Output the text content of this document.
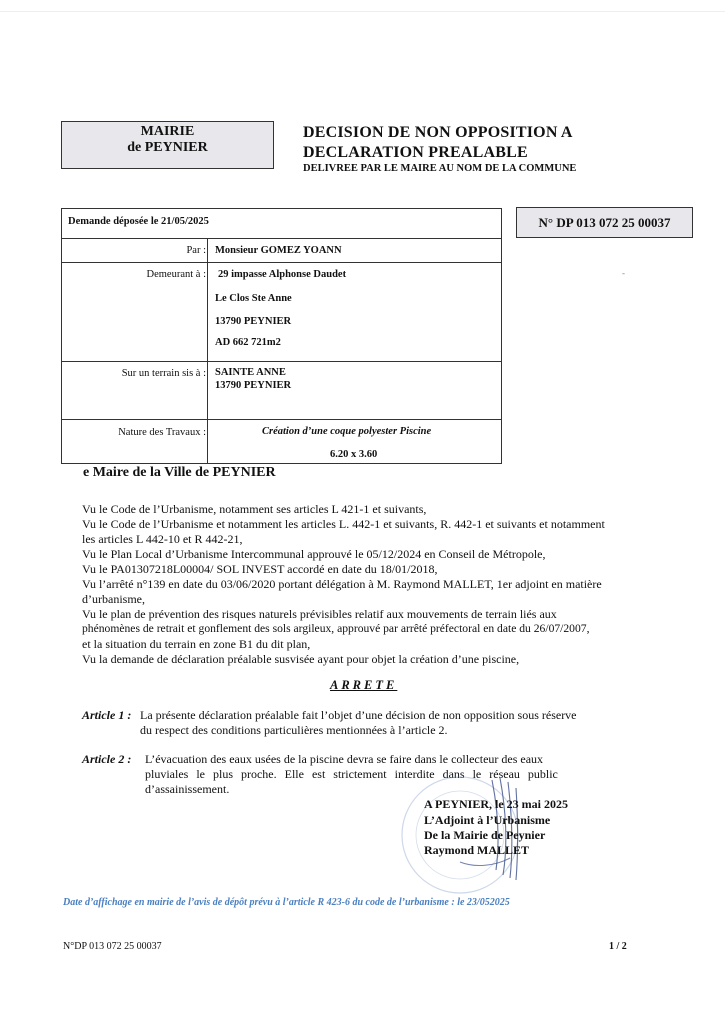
MAIRIE
de PEYNIER
DECISION DE NON OPPOSITION A
DECLARATION PREALABLE
DELIVREE PAR LE MAIRE AU NOM DE LA COMMUNE
Demande déposée le 21/05/2025
Par : Monsieur GOMEZ YOANN
Demeurant à : 29 impasse Alphonse Daudet
Le Clos Ste Anne
13790 PEYNIER
AD 662 721m2
Sur un terrain sis à : SAINTE ANNE
13790 PEYNIER
Nature des Travaux :	Création d’une coque polyester Piscine
6.20 x 3.60
N° DP 013 072 25 00037
-
e Maire de la Ville de PEYNIER
Vu le Code de l’Urbanisme, notamment ses articles L 421-1 et suivants,
Vu le Code de l’Urbanisme et notamment les articles L. 442-1 et suivants, R. 442-1 et suivants et notamment
les articles L 442-10 et R 442-21,
Vu le Plan Local d’Urbanisme Intercommunal approuvé le 05/12/2024 en Conseil de Métropole,
Vu le PA01307218L00004/ SOL INVEST accordé en date du 18/01/2018,
Vu l’arrêté n°139 en date du 03/06/2020 portant délégation à M. Raymond MALLET, 1er adjoint en matière
d’urbanisme,
Vu le plan de prévention des risques naturels prévisibles relatif aux mouvements de terrain liés aux
phénomènes de retrait et gonflement des sols argileux, approuvé par arrêté préfectoral en date du 26/07/2007,
et la situation du terrain en zone B1 du dit plan,
Vu la demande de déclaration préalable susvisée ayant pour objet la création d’une piscine,
ARRETE
Article 1 : La présente déclaration préalable fait l’objet d’une décision de non opposition sous réserve
du respect des conditions particulières mentionnées à l’article 2.
Article 2 : L’évacuation des eaux usées de la piscine devra se faire dans le collecteur des eaux
pluviales le plus proche. Elle est strictement interdite dans le réseau public
d’assainissement.
A PEYNIER, le 23 mai 2025
L’Adjoint à l’Urbanisme
De la Mairie de Peynier
Raymond MALLET
Date d’affichage en mairie de l’avis de dépôt prévu à l’article R 423-6 du code de l’urbanisme : le 23/052025
N°DP 013 072 25 00037	1 / 2
